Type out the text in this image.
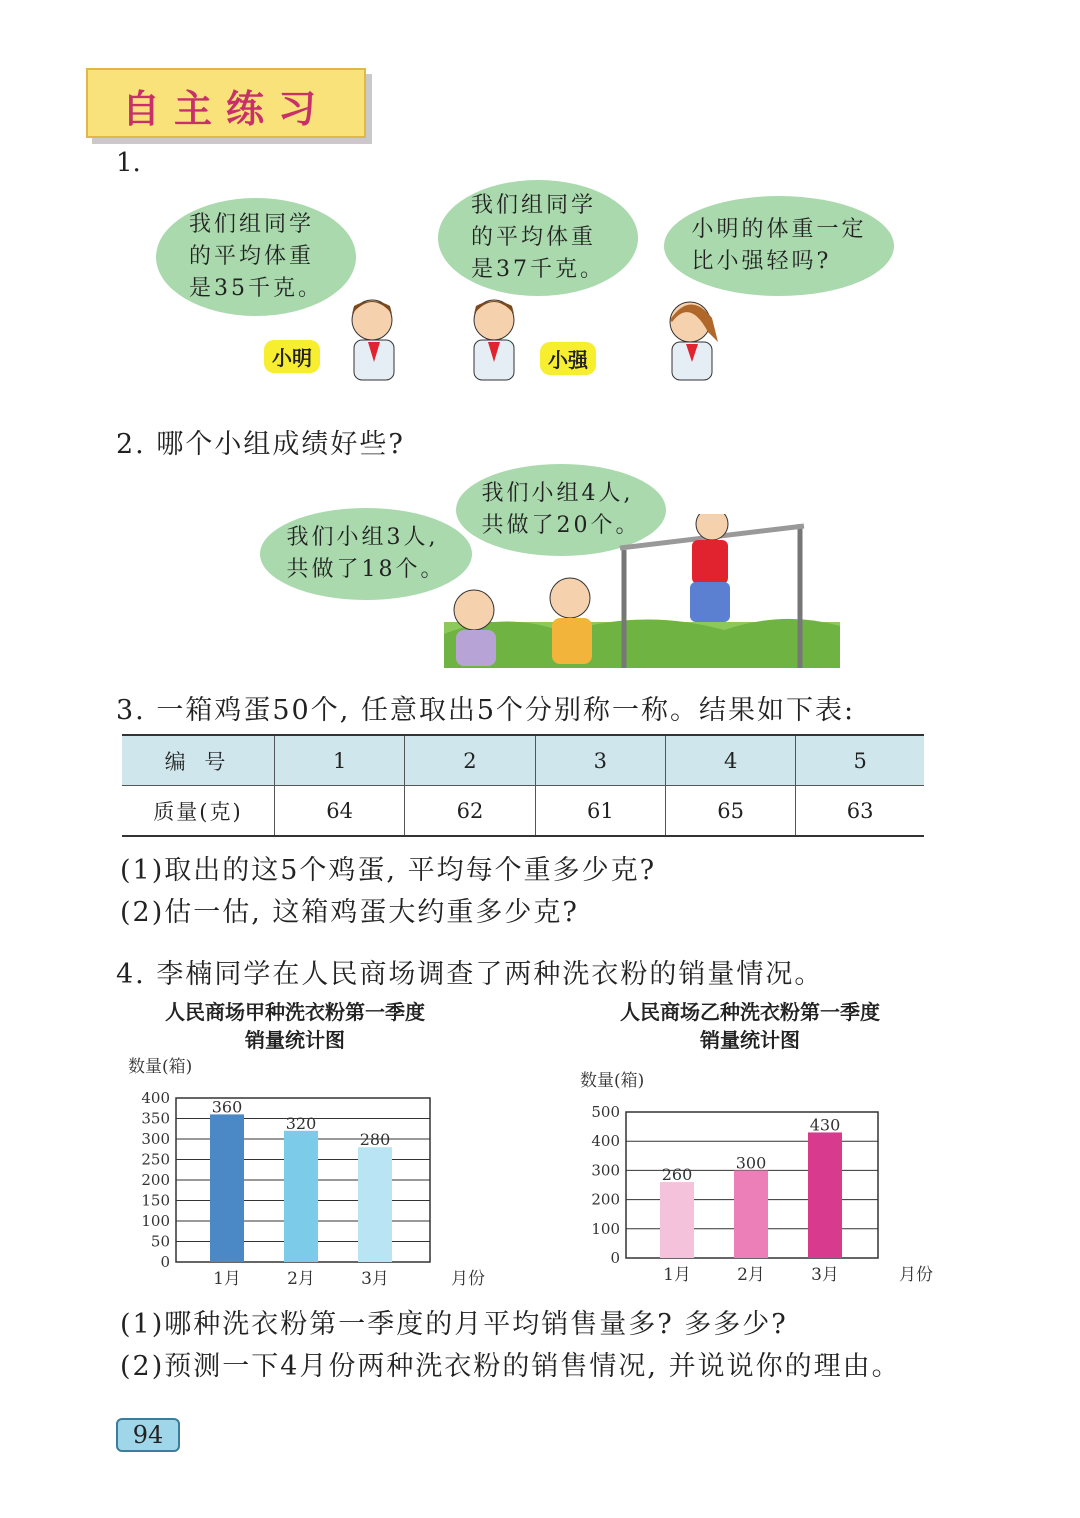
自主练习
1.
我们组同学
的平均体重
是35千克。
我们组同学
的平均体重
是37千克。
小明的体重一定
比小强轻吗?
小明	小强
2. 哪个小组成绩好些?
我们小组3人,
共做了18个。
我们小组4人,
共做了20个。
3. 一箱鸡蛋50个, 任意取出5个分别称一称。结果如下表:
编 号	1	2	3	4	5
质量(克)	64	62	61	65	63
(1)取出的这5个鸡蛋, 平均每个重多少克?
(2)估一估, 这箱鸡蛋大约重多少克?
4. 李楠同学在人民商场调查了两种洗衣粉的销量情况。
人民商场甲种洗衣粉第一季度
销量统计图
人民商场乙种洗衣粉第一季度
销量统计图
数量(箱)
0
50
100
150
200
250
300
350
400	360
1月
320
2月
280
3月	月份
数量(箱)
0
100
200
300
400
500
260
1月
300
2月
430
3月	月份
(1)哪种洗衣粉第一季度的月平均销售量多? 多多少?
(2)预测一下4月份两种洗衣粉的销售情况, 并说说你的理由。
94
